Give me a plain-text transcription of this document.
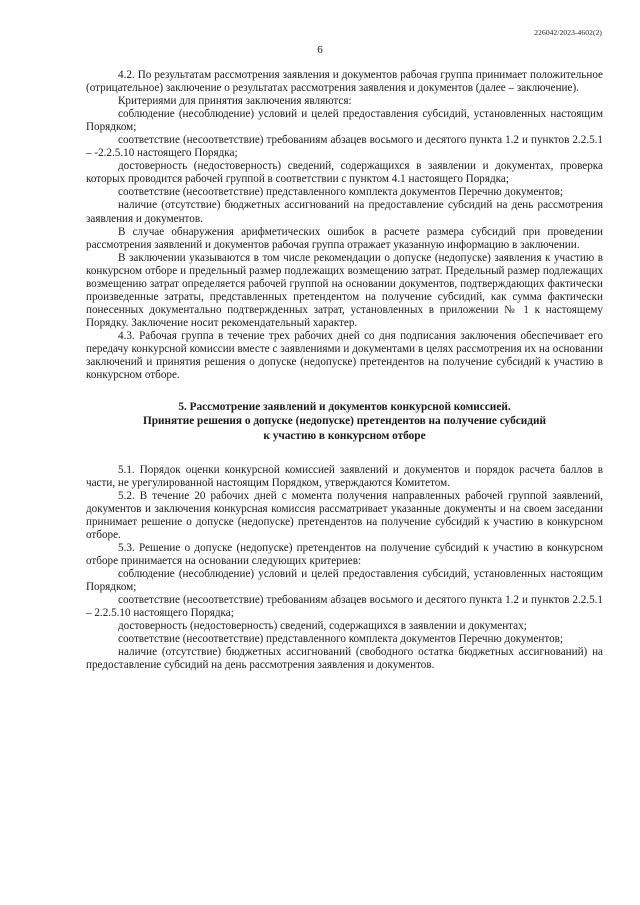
226042/2023-4602(2)
6

4.2. По результатам рассмотрения заявления и документов рабочая группа принимает положительное (отрицательное) заключение о результатах рассмотрения заявления и документов (далее – заключение).

Критериями для принятия заключения являются:

соблюдение (несоблюдение) условий и целей предоставления субсидий, установленных настоящим Порядком;

соответствие (несоответствие) требованиям абзацев восьмого и десятого пункта 1.2 и пунктов 2.2.5.1 – -2.2.5.10 настоящего Порядка;

достоверность (недостоверность) сведений, содержащихся в заявлении и документах, проверка которых проводится рабочей группой в соответствии с пунктом 4.1 настоящего Порядка;

соответствие (несоответствие) представленного комплекта документов Перечню документов;

наличие (отсутствие) бюджетных ассигнований на предоставление субсидий на день рассмотрения заявления и документов.

В случае обнаружения арифметических ошибок в расчете размера субсидий при проведении рассмотрения заявлений и документов рабочая группа отражает указанную информацию в заключении.

В заключении указываются в том числе рекомендации о допуске (недопуске) заявления к участию в конкурсном отборе и предельный размер подлежащих возмещению затрат. Предельный размер подлежащих возмещению затрат определяется рабочей группой на основании документов, подтверждающих фактически произведенные затраты, представленных претендентом на получение субсидий, как сумма фактически понесенных документально подтвержденных затрат, установленных в приложении № 1 к настоящему Порядку. Заключение носит рекомендательный характер.

4.3. Рабочая группа в течение трех рабочих дней со дня подписания заключения обеспечивает его передачу конкурсной комиссии вместе с заявлениями и документами в целях рассмотрения их на основании заключений и принятия решения о допуске (недопуске) претендентов на получение субсидий к участию в конкурсном отборе.

5. Рассмотрение заявлений и документов конкурсной комиссией.
Принятие решения о допуске (недопуске) претендентов на получение субсидий
к участию в конкурсном отборе

5.1. Порядок оценки конкурсной комиссией заявлений и документов и порядок расчета баллов в части, не урегулированной настоящим Порядком, утверждаются Комитетом.

5.2. В течение 20 рабочих дней с момента получения направленных рабочей группой заявлений, документов и заключения конкурсная комиссия рассматривает указанные документы и на своем заседании принимает решение о допуске (недопуске) претендентов на получение субсидий к участию в конкурсном отборе.

5.3. Решение о допуске (недопуске) претендентов на получение субсидий к участию в конкурсном отборе принимается на основании следующих критериев:

соблюдение (несоблюдение) условий и целей предоставления субсидий, установленных настоящим Порядком;

соответствие (несоответствие) требованиям абзацев восьмого и десятого пункта 1.2 и пунктов 2.2.5.1 – 2.2.5.10 настоящего Порядка;

достоверность (недостоверность) сведений, содержащихся в заявлении и документах;

соответствие (несоответствие) представленного комплекта документов Перечню документов;

наличие (отсутствие) бюджетных ассигнований (свободного остатка бюджетных ассигнований) на предоставление субсидий на день рассмотрения заявления и документов.
